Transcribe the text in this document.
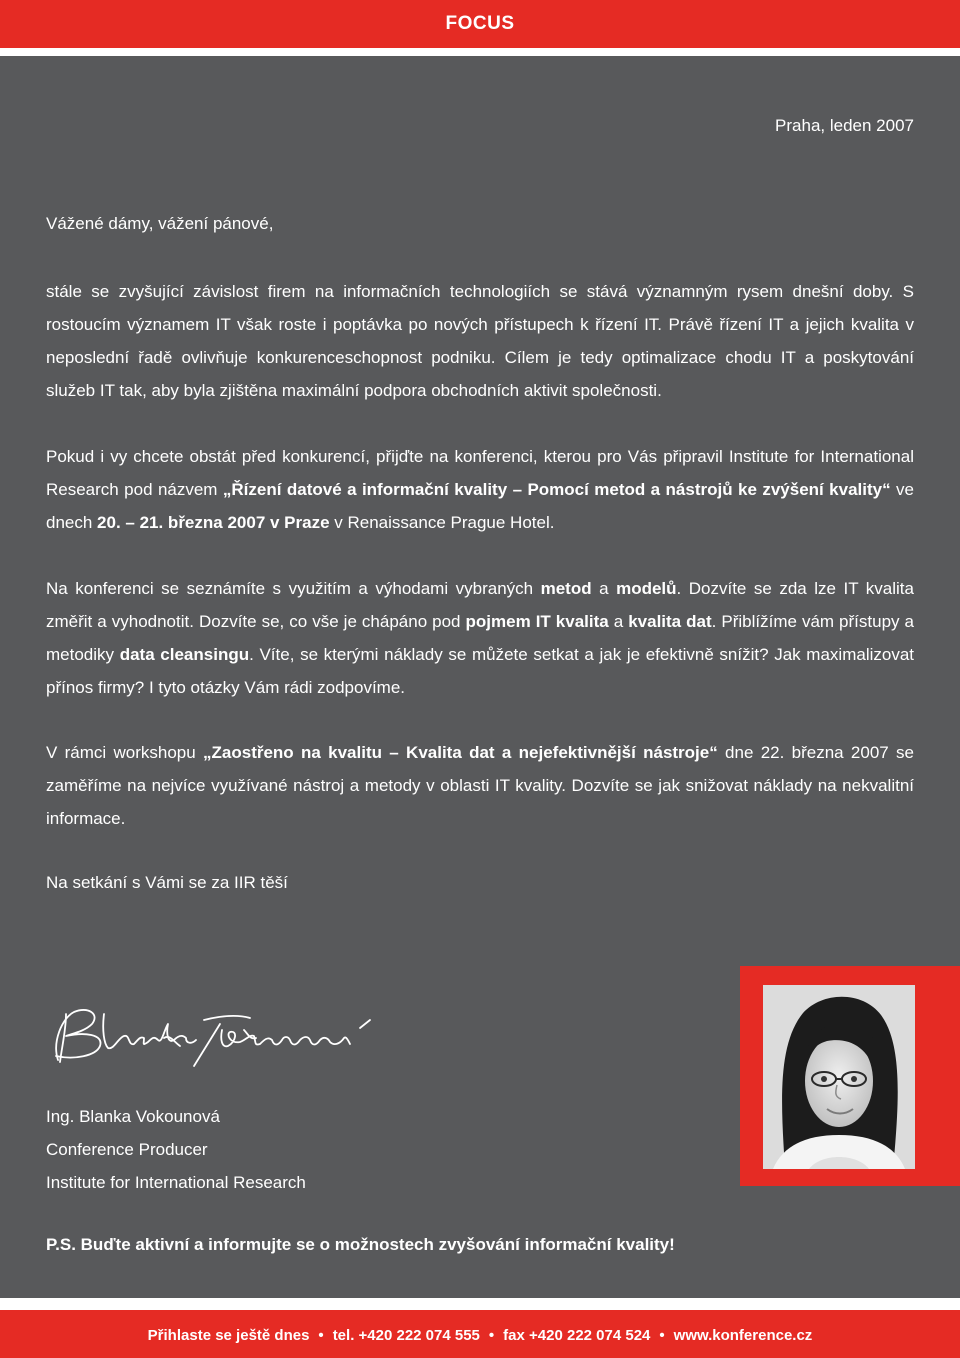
FOCUS
Praha, leden 2007
Vážené dámy, vážení pánové,

stále se zvyšující závislost firem na informačních technologiích se stává významným rysem dnešní doby. S rostoucím významem IT však roste i poptávka po nových přístupech k řízení IT. Právě řízení IT a jejich kvalita v neposlední řadě ovlivňuje konkurenceschopnost podniku. Cílem je tedy optimalizace chodu IT a poskytování služeb IT tak, aby byla zjištěna maximální podpora obchodních aktivit společnosti.

Pokud i vy chcete obstát před konkurencí, přijďte na konferenci, kterou pro Vás připravil Institute for International Research pod názvem „Řízení datové a informační kvality – Pomocí metod a nástrojů ke zvýšení kvality“ ve dnech 20. – 21. března 2007 v Praze v Renaissance Prague Hotel.

Na konferenci se seznámíte s využitím a výhodami vybraných metod a modelů. Dozvíte se zda lze IT kvalita změřit a vyhodnotit. Dozvíte se, co vše je chápáno pod pojmem IT kvalita a kvalita dat. Přiblížíme vám přístupy a metodiky data cleansingu. Víte, se kterými náklady se můžete setkat a jak je efektivně snížit? Jak maximalizovat přínos firmy? I tyto otázky Vám rádi zodpovíme.

V rámci workshopu „Zaostřeno na kvalitu – Kvalita dat a nejefektivnější nástroje“ dne 22. března 2007 se zaměříme na nejvíce využívané nástroj a metody v oblasti IT kvality. Dozvíte se jak snižovat náklady na nekvalitní informace.

Na setkání s Vámi se za IIR těší
Ing. Blanka Vokounová
Conference Producer
Institute for International Research
P.S. Buďte aktivní a informujte se o možnostech zvyšování informační kvality!
Přihlaste se ještě dnes • tel. +420 222 074 555 • fax +420 222 074 524 • www.konference.cz
